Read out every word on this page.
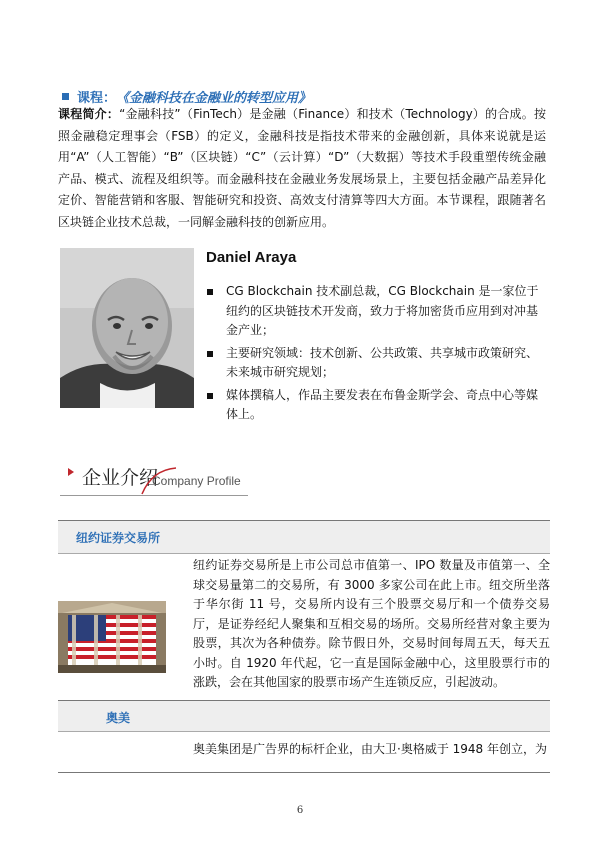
课程： 《金融科技在金融业的转型应用》
课程简介：“金融科技”（FinTech）是金融（Finance）和技术（Technology）的合成。按照金融稳定理事会（FSB）的定义，金融科技是指技术带来的金融创新，具体来说就是运用“A”（人工智能）“B”（区块链）“C”（云计算）“D”（大数据）等技术手段重塑传统金融产品、模式、流程及组织等。而金融科技在金融业务发展场景上，主要包括金融产品差异化定价、智能营销和客服、智能研究和投资、高效支付清算等四大方面。本节课程，跟随著名区块链企业技术总裁，一同解金融科技的创新应用。
Daniel Araya
CG Blockchain 技术副总裁，CG Blockchain 是一家位于纽约的区块链技术开发商，致力于将加密货币应用到对冲基金产业；
主要研究领域：技术创新、公共政策、共享城市政策研究、未来城市研究规划；
媒体撰稿人，作品主要发表在布鲁金斯学会、奇点中心等媒体上。
企业介绍
Company Profile
纽约证券交易所
纽约证券交易所是上市公司总市值第一、IPO 数量及市值第一、全球交易量第二的交易所，有 3000 多家公司在此上市。纽交所坐落于华尔街 11 号，交易所内设有三个股票交易厅和一个债券交易厅，是证券经纪人聚集和互相交易的场所。交易所经营对象主要为股票，其次为各种债券。除节假日外，交易时间每周五天，每天五小时。自 1920 年代起，它一直是国际金融中心，这里股票行市的涨跌，会在其他国家的股票市场产生连锁反应，引起波动。
奥美
奥美集团是广告界的标杆企业，由大卫·奥格威于 1948 年创立，为
6
